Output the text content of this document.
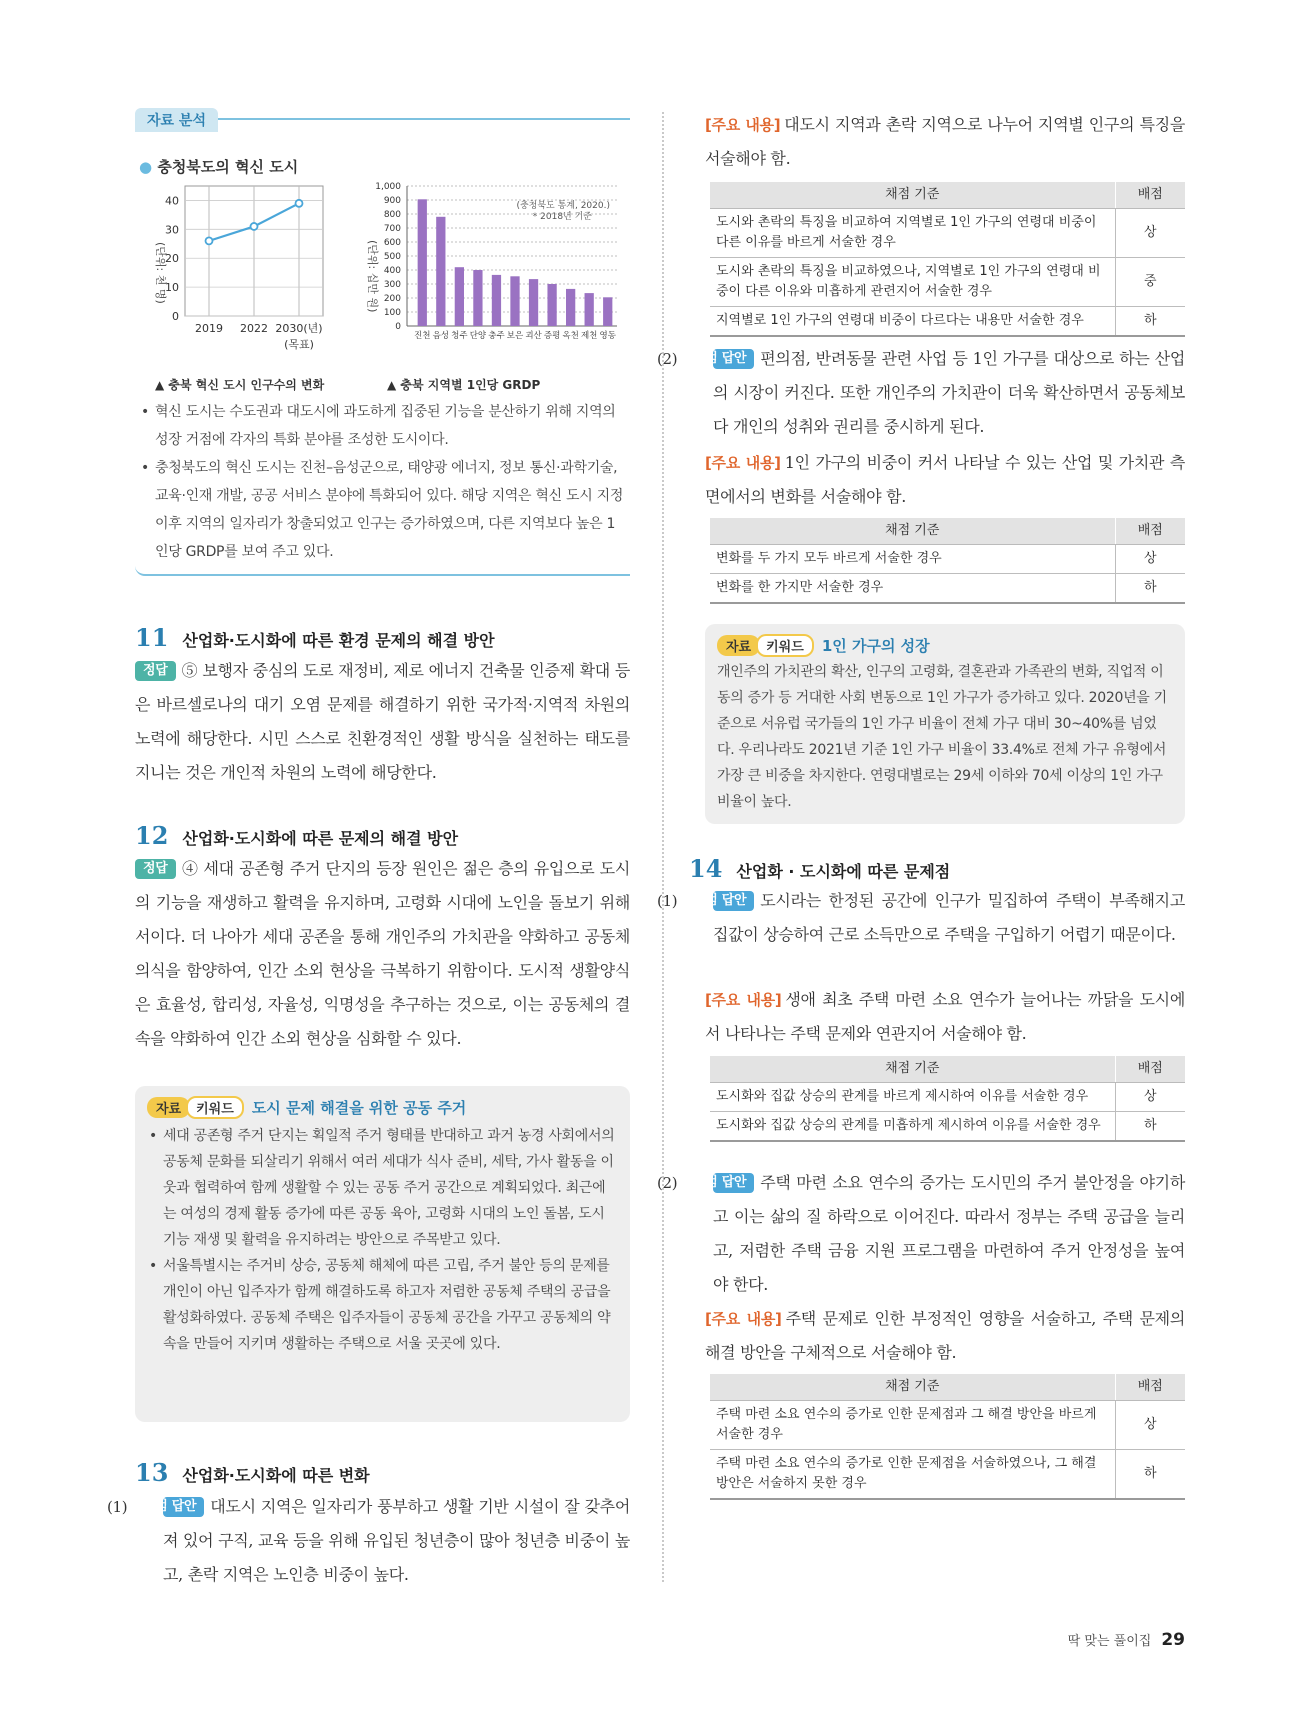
자료 분석
● 충청북도의 혁신 도시
(단위: 천 명)
0
10
20
30
40
2019 2022 2030(년)
(목표)
▲ 충북 혁신 도시 인구수의 변화
(단위: 십만 원)
(충청북도 통계, 2020.)
* 2018년 기준
1,000
900
800
700
600
500
400
300
200
100
0
진천 음성 청주 단양 충주 보은 괴산 증평 옥천 제천 영동
▲ 충북 지역별 1인당 GRDP
• 혁신 도시는 수도권과 대도시에 과도하게 집중된 기능을 분산하기 위해 지역의 성장 거점에 각자의 특화 분야를 조성한 도시이다.
• 충청북도의 혁신 도시는 진천–음성군으로, 태양광 에너지, 정보 통신·과학기술, 교육·인재 개발, 공공 서비스 분야에 특화되어 있다. 해당 지역은 혁신 도시 지정 이후 지역의 일자리가 창출되었고 인구는 증가하였으며, 다른 지역보다 높은 1인당 GRDP를 보여 주고 있다.
11 산업화·도시화에 따른 환경 문제의 해결 방안
정답 ⑤ 보행자 중심의 도로 재정비, 제로 에너지 건축물 인증제 확대 등은 바르셀로나의 대기 오염 문제를 해결하기 위한 국가적·지역적 차원의 노력에 해당한다. 시민 스스로 친환경적인 생활 방식을 실천하는 태도를 지니는 것은 개인적 차원의 노력에 해당한다.
12 산업화·도시화에 따른 문제의 해결 방안
정답 ④ 세대 공존형 주거 단지의 등장 원인은 젊은 층의 유입으로 도시의 기능을 재생하고 활력을 유지하며, 고령화 시대에 노인을 돌보기 위해서이다. 더 나아가 세대 공존을 통해 개인주의 가치관을 약화하고 공동체 의식을 함양하여, 인간 소외 현상을 극복하기 위함이다. 도시적 생활양식은 효율성, 합리성, 자율성, 익명성을 추구하는 것으로, 이는 공동체의 결속을 약화하여 인간 소외 현상을 심화할 수 있다.
자료 키워드 도시 문제 해결을 위한 공동 주거
• 세대 공존형 주거 단지는 획일적 주거 형태를 반대하고 과거 농경 사회에서의 공동체 문화를 되살리기 위해서 여러 세대가 식사 준비, 세탁, 가사 활동을 이웃과 협력하여 함께 생활할 수 있는 공동 주거 공간으로 계획되었다. 최근에는 여성의 경제 활동 증가에 따른 공동 육아, 고령화 시대의 노인 돌봄, 도시 기능 재생 및 활력을 유지하려는 방안으로 주목받고 있다.
• 서울특별시는 주거비 상승, 공동체 해체에 따른 고립, 주거 불안 등의 문제를 개인이 아닌 입주자가 함께 해결하도록 하고자 저렴한 공동체 주택의 공급을 활성화하였다. 공동체 주택은 입주자들이 공동체 공간을 가꾸고 공동체의 약속을 만들어 지키며 생활하는 주택으로 서울 곳곳에 있다.
13 산업화·도시화에 따른 변화
(1) 모범 답안 대도시 지역은 일자리가 풍부하고 생활 기반 시설이 잘 갖추어져 있어 구직, 교육 등을 위해 유입된 청년층이 많아 청년층 비중이 높고, 촌락 지역은 노인층 비중이 높다.
[주요 내용] 대도시 지역과 촌락 지역으로 나누어 지역별 인구의 특징을 서술해야 함.
채점 기준	배점
도시와 촌락의 특징을 비교하여 지역별로 1인 가구의 연령대 비중이 다른 이유를 바르게 서술한 경우	상
도시와 촌락의 특징을 비교하였으나, 지역별로 1인 가구의 연령대 비중이 다른 이유와 미흡하게 관련지어 서술한 경우	중
지역별로 1인 가구의 연령대 비중이 다르다는 내용만 서술한 경우	하
(2) 모범 답안 편의점, 반려동물 관련 사업 등 1인 가구를 대상으로 하는 산업의 시장이 커진다. 또한 개인주의 가치관이 더욱 확산하면서 공동체보다 개인의 성취와 권리를 중시하게 된다.
[주요 내용] 1인 가구의 비중이 커서 나타날 수 있는 산업 및 가치관 측면에서의 변화를 서술해야 함.
채점 기준	배점
변화를 두 가지 모두 바르게 서술한 경우	상
변화를 한 가지만 서술한 경우	하
자료 키워드 1인 가구의 성장
개인주의 가치관의 확산, 인구의 고령화, 결혼관과 가족관의 변화, 직업적 이동의 증가 등 거대한 사회 변동으로 1인 가구가 증가하고 있다. 2020년을 기준으로 서유럽 국가들의 1인 가구 비율이 전체 가구 대비 30~40%를 넘었다. 우리나라도 2021년 기준 1인 가구 비율이 33.4%로 전체 가구 유형에서 가장 큰 비중을 차지한다. 연령대별로는 29세 이하와 70세 이상의 1인 가구 비율이 높다.
14 산업화 · 도시화에 따른 문제점
(1) 모범 답안 도시라는 한정된 공간에 인구가 밀집하여 주택이 부족해지고 집값이 상승하여 근로 소득만으로 주택을 구입하기 어렵기 때문이다.
[주요 내용] 생애 최초 주택 마련 소요 연수가 늘어나는 까닭을 도시에서 나타나는 주택 문제와 연관지어 서술해야 함.
채점 기준	배점
도시화와 집값 상승의 관계를 바르게 제시하여 이유를 서술한 경우	상
도시화와 집값 상승의 관계를 미흡하게 제시하여 이유를 서술한 경우	하
(2) 모범 답안 주택 마련 소요 연수의 증가는 도시민의 주거 불안정을 야기하고 이는 삶의 질 하락으로 이어진다. 따라서 정부는 주택 공급을 늘리고, 저렴한 주택 금융 지원 프로그램을 마련하여 주거 안정성을 높여야 한다.
[주요 내용] 주택 문제로 인한 부정적인 영향을 서술하고, 주택 문제의 해결 방안을 구체적으로 서술해야 함.
채점 기준	배점
주택 마련 소요 연수의 증가로 인한 문제점과 그 해결 방안을 바르게 서술한 경우	상
주택 마련 소요 연수의 증가로 인한 문제점을 서술하였으나, 그 해결 방안은 서술하지 못한 경우	하
딱 맞는 풀이집 29
